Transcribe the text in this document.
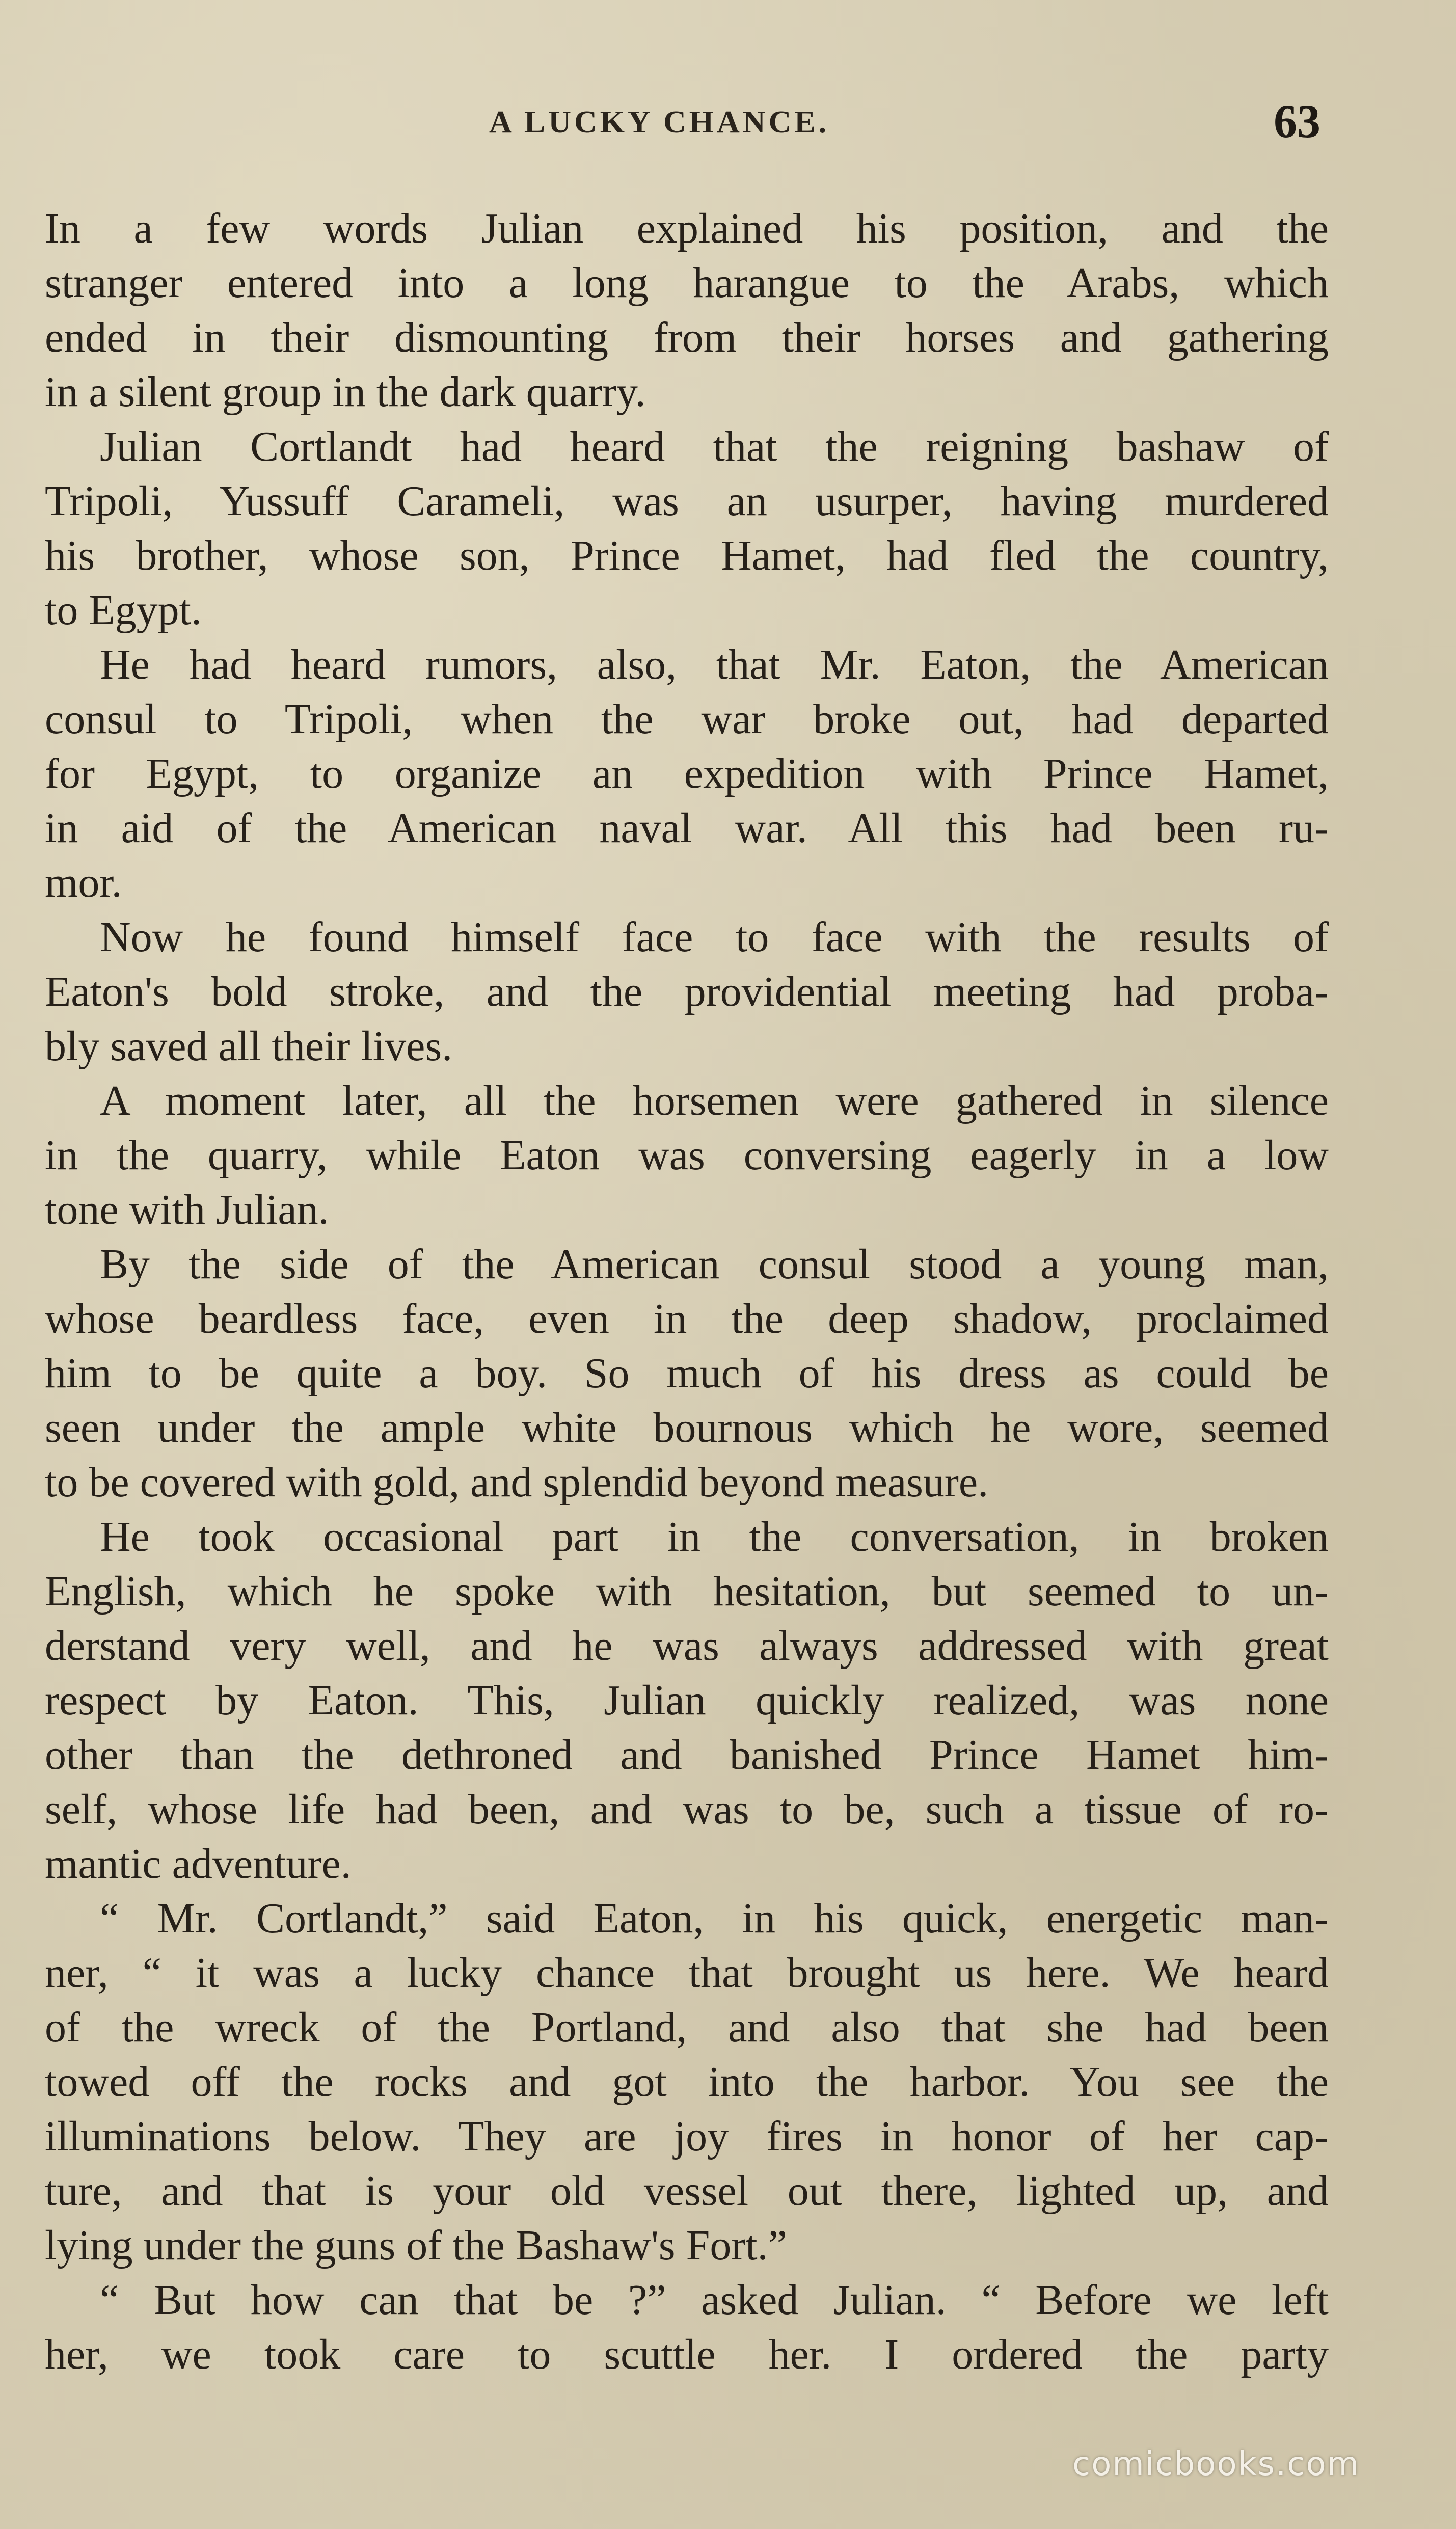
A LUCKY CHANCE.	63
In a few words Julian explained his position, and the
stranger entered into a long harangue to the Arabs, which
ended in their dismounting from their horses and gathering
in a silent group in the dark quarry.
Julian Cortlandt had heard that the reigning bashaw of
Tripoli, Yussuff Carameli, was an usurper, having murdered
his brother, whose son, Prince Hamet, had fled the country,
to Egypt.
He had heard rumors, also, that Mr. Eaton, the American
consul to Tripoli, when the war broke out, had departed
for Egypt, to organize an expedition with Prince Hamet,
in aid of the American naval war. All this had been ru-
mor.
Now he found himself face to face with the results of
Eaton's bold stroke, and the providential meeting had proba-
bly saved all their lives.
A moment later, all the horsemen were gathered in silence
in the quarry, while Eaton was conversing eagerly in a low
tone with Julian.
By the side of the American consul stood a young man,
whose beardless face, even in the deep shadow, proclaimed
him to be quite a boy. So much of his dress as could be
seen under the ample white bournous which he wore, seemed
to be covered with gold, and splendid beyond measure.
He took occasional part in the conversation, in broken
English, which he spoke with hesitation, but seemed to un-
derstand very well, and he was always addressed with great
respect by Eaton. This, Julian quickly realized, was none
other than the dethroned and banished Prince Hamet him-
self, whose life had been, and was to be, such a tissue of ro-
mantic adventure.
“ Mr. Cortlandt,” said Eaton, in his quick, energetic man-
ner, “ it was a lucky chance that brought us here. We heard
of the wreck of the Portland, and also that she had been
towed off the rocks and got into the harbor. You see the
illuminations below. They are joy fires in honor of her cap-
ture, and that is your old vessel out there, lighted up, and
lying under the guns of the Bashaw's Fort.”
“ But how can that be ?” asked Julian. “ Before we left
her, we took care to scuttle her. I ordered the party
comicbooks.com
